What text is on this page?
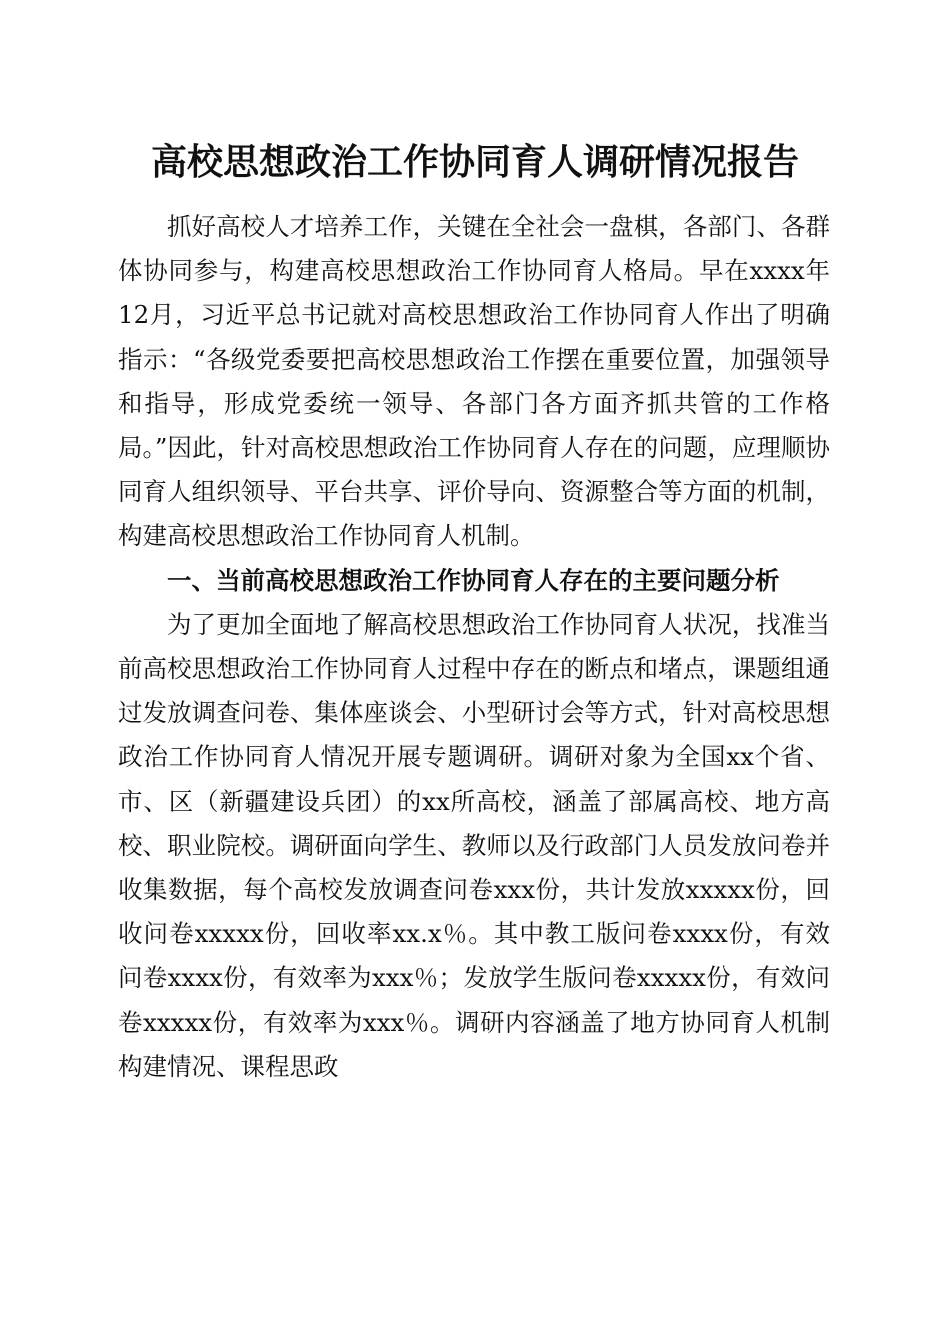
高校思想政治工作协同育人调研情况报告

抓好高校人才培养工作，关键在全社会一盘棋，各部门、各群体协同参与，构建高校思想政治工作协同育人格局。早在xxxx年12月，习近平总书记就对高校思想政治工作协同育人作出了明确指示：“各级党委要把高校思想政治工作摆在重要位置，加强领导和指导，形成党委统一领导、各部门各方面齐抓共管的工作格局。”因此，针对高校思想政治工作协同育人存在的问题，应理顺协同育人组织领导、平台共享、评价导向、资源整合等方面的机制，构建高校思想政治工作协同育人机制。

一、当前高校思想政治工作协同育人存在的主要问题分析

为了更加全面地了解高校思想政治工作协同育人状况，找准当前高校思想政治工作协同育人过程中存在的断点和堵点，课题组通过发放调查问卷、集体座谈会、小型研讨会等方式，针对高校思想政治工作协同育人情况开展专题调研。调研对象为全国xx个省、市、区（新疆建设兵团）的xx所高校，涵盖了部属高校、地方高校、职业院校。调研面向学生、教师以及行政部门人员发放问卷并收集数据，每个高校发放调查问卷xxx份，共计发放xxxxx份，回收问卷xxxxx份，回收率xx.x％。其中教工版问卷xxxx份，有效问卷xxxx份，有效率为xxx％；发放学生版问卷xxxxx份，有效问卷xxxxx份，有效率为xxx％。调研内容涵盖了地方协同育人机制构建情况、课程思政
